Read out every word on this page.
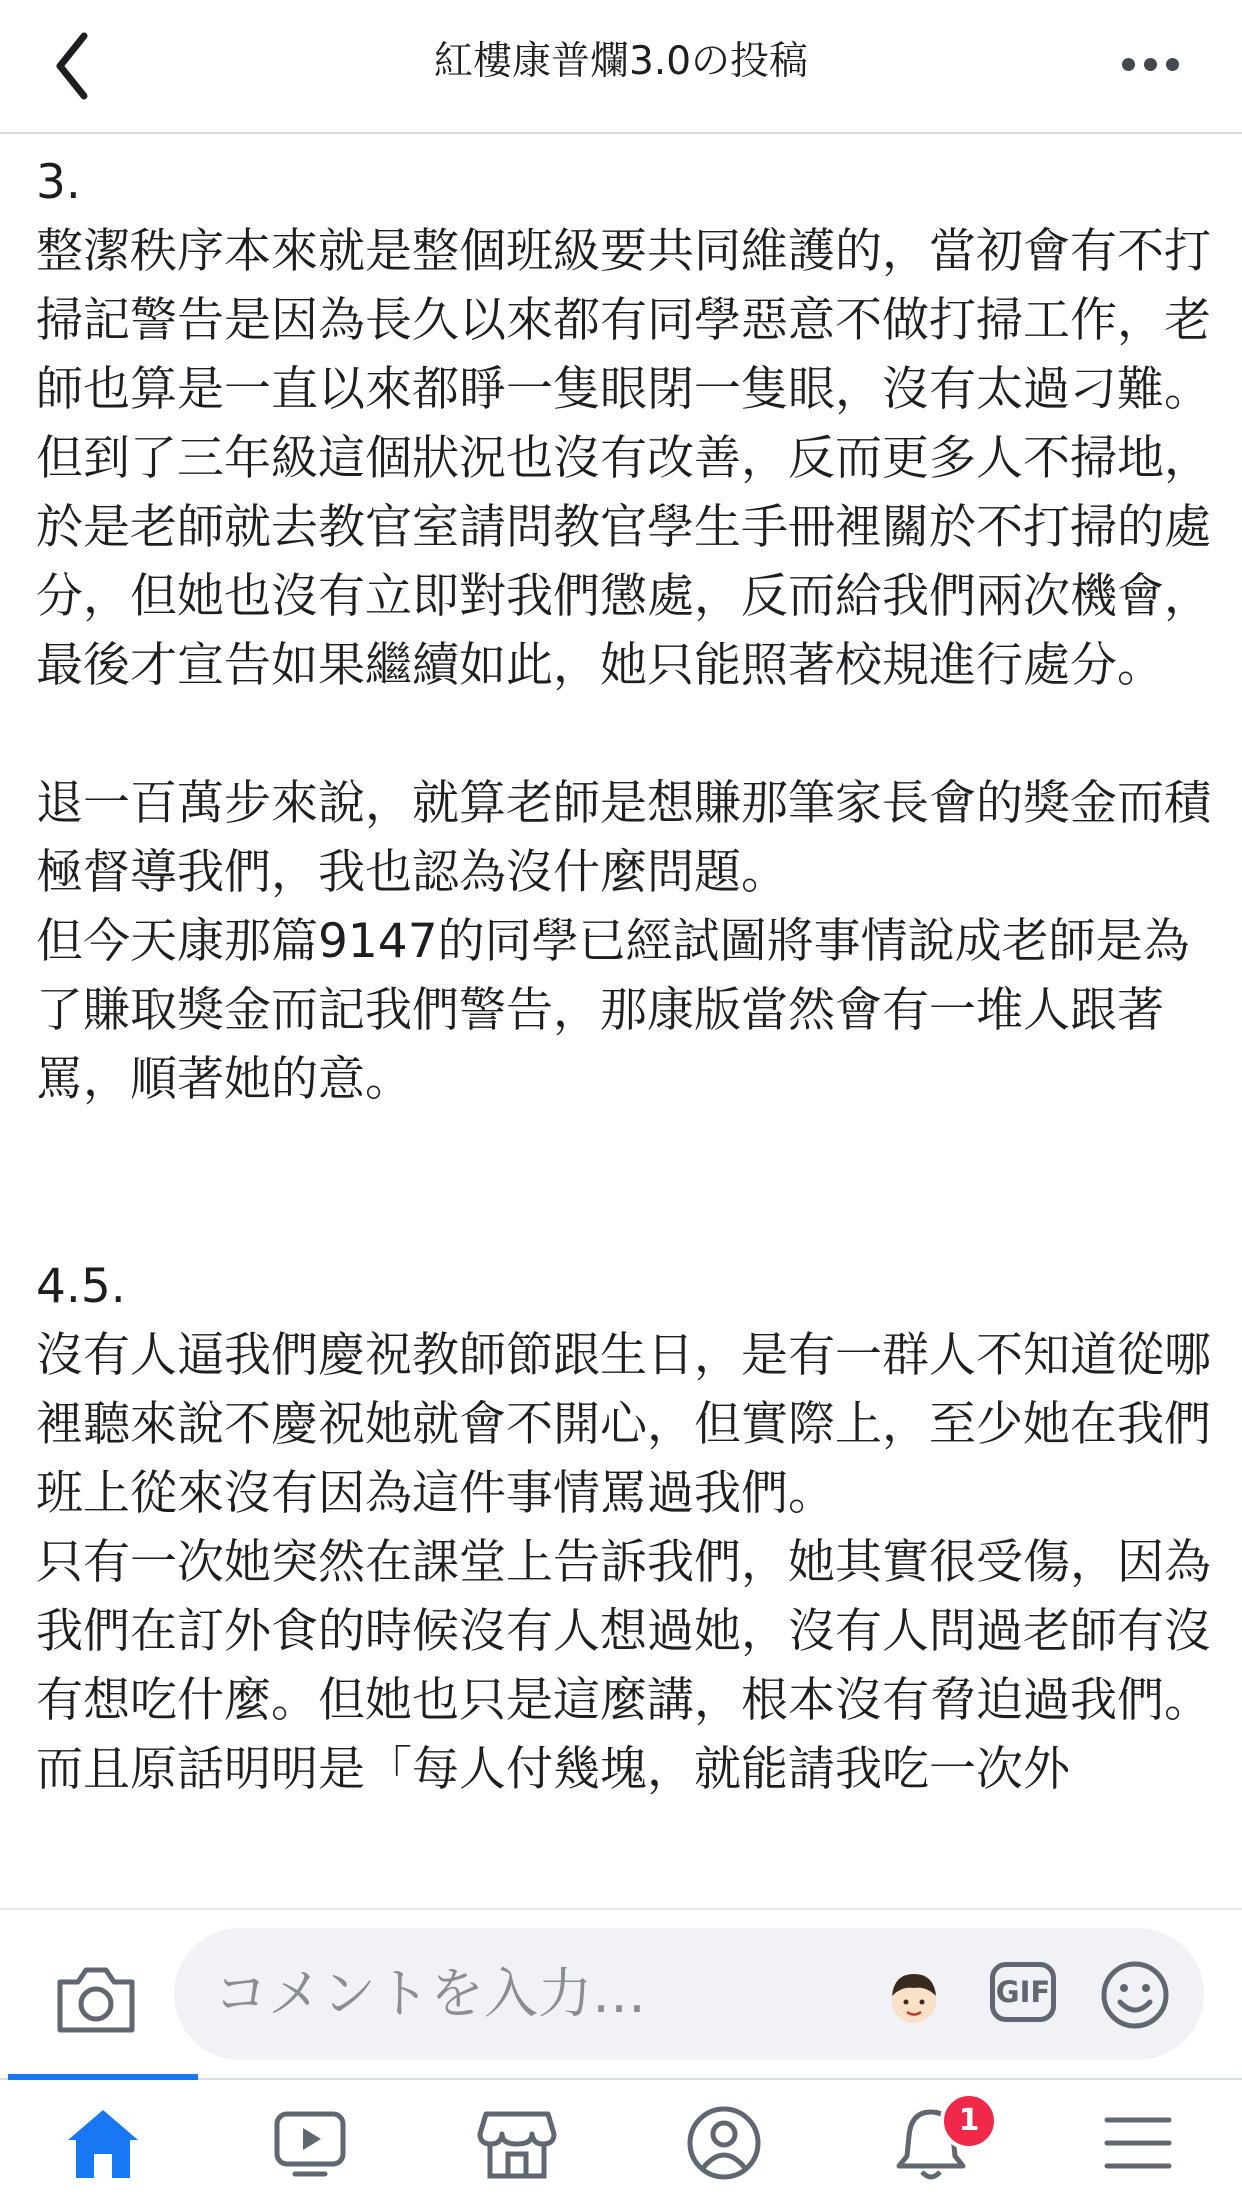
紅樓康普爛3.0の投稿

3.

整潔秩序本來就是整個班級要共同維護的，當初會有不打掃記警告是因為長久以來都有同學惡意不做打掃工作，老師也算是一直以來都睜一隻眼閉一隻眼，沒有太過刁難。但到了三年級這個狀況也沒有改善，反而更多人不掃地，於是老師就去教官室請問教官學生手冊裡關於不打掃的處分，但她也沒有立即對我們懲處，反而給我們兩次機會，最後才宣告如果繼續如此，她只能照著校規進行處分。

退一百萬步來說，就算老師是想賺那筆家長會的獎金而積極督導我們，我也認為沒什麼問題。

但今天康那篇9147的同學已經試圖將事情說成老師是為了賺取獎金而記我們警告，那康版當然會有一堆人跟著罵，順著她的意。

4.5.

沒有人逼我們慶祝教師節跟生日，是有一群人不知道從哪裡聽來說不慶祝她就會不開心，但實際上，至少她在我們班上從來沒有因為這件事情罵過我們。

只有一次她突然在課堂上告訴我們，她其實很受傷，因為我們在訂外食的時候沒有人想過她，沒有人問過老師有沒有想吃什麼。但她也只是這麼講，根本沒有脅迫過我們。

而且原話明明是「每人付幾塊，就能請我吃一次外

コメントを入力…	GIF
1
